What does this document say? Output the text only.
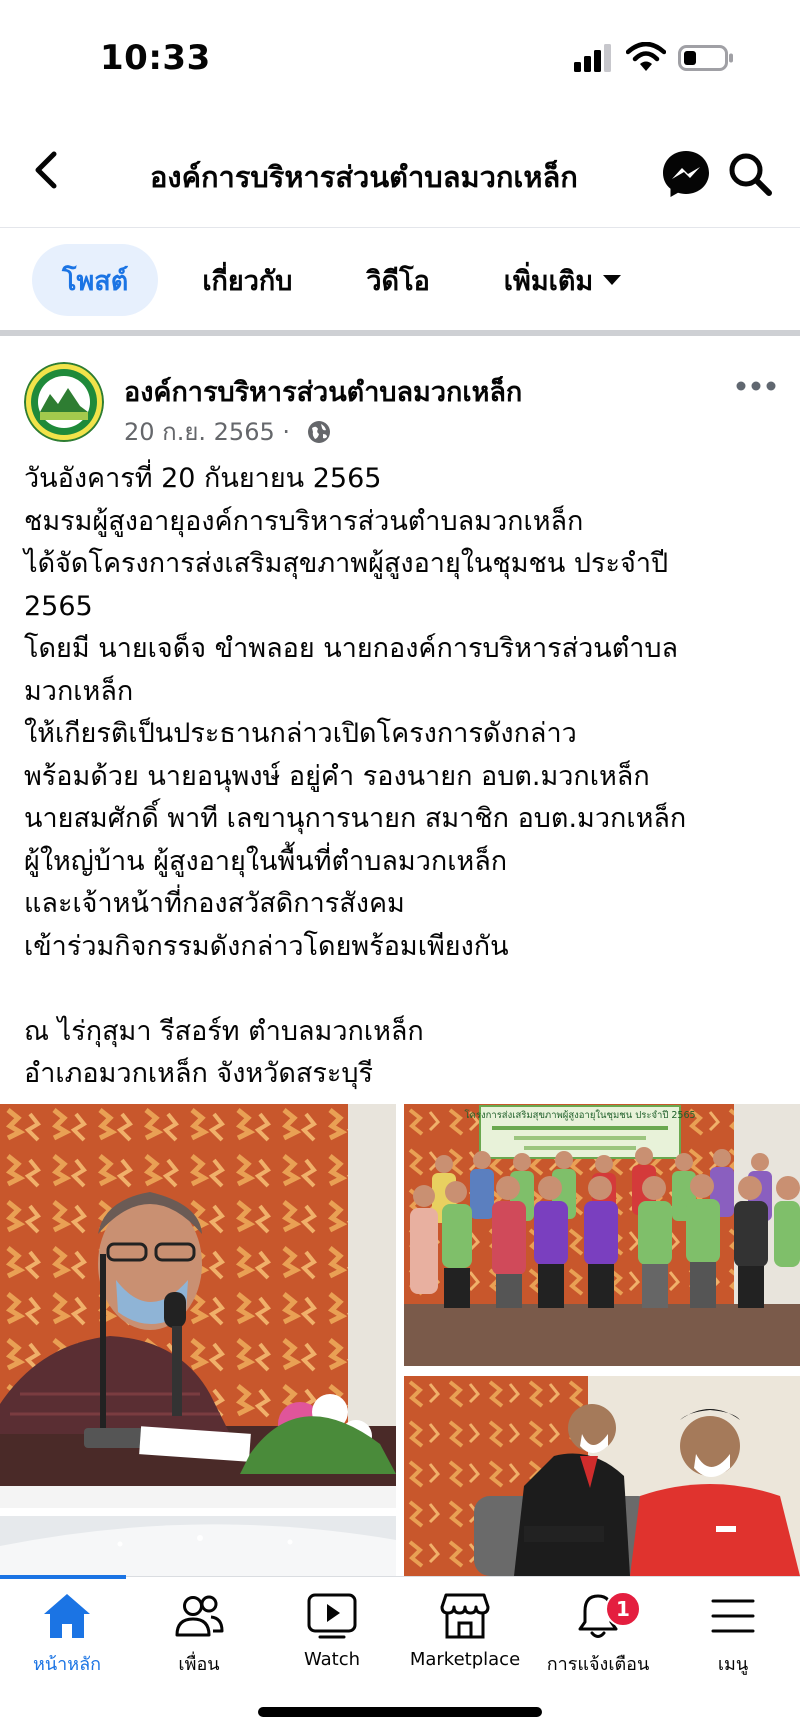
10:33
องค์การบริหารส่วนตำบลมวกเหล็ก
โพสต์	เกี่ยวกับ	วิดีโอ	เพิ่มเติม
องค์การบริหารส่วนตำบลมวกเหล็ก
20 ก.ย. 2565 ·

วันอังคารที่ 20 กันยายน 2565

ชมรมผู้สูงอายุองค์การบริหารส่วนตำบลมวกเหล็ก

ได้จัดโครงการส่งเสริมสุขภาพผู้สูงอายุในชุมชน ประจำปี

2565

โดยมี นายเจด็จ ขำพลอย นายกองค์การบริหารส่วนตำบล

มวกเหล็ก

ให้เกียรติเป็นประธานกล่าวเปิดโครงการดังกล่าว

พร้อมด้วย นายอนุพงษ์ อยู่คำ รองนายก อบต.มวกเหล็ก

นายสมศักดิ์ พาที เลขานุการนายก สมาชิก อบต.มวกเหล็ก

ผู้ใหญ่บ้าน ผู้สูงอายุในพื้นที่ตำบลมวกเหล็ก

และเจ้าหน้าที่กองสวัสดิการสังคม

เข้าร่วมกิจกรรมดังกล่าวโดยพร้อมเพียงกัน

ณ ไร่กุสุมา รีสอร์ท ตำบลมวกเหล็ก

อำเภอมวกเหล็ก จังหวัดสระบุรี

โครงการส่งเสริมสุขภาพผู้สูงอายุในชุมชน ประจำปี 2565
หน้าหลัก	เพื่อน	Watch	Marketplace
1
การแจ้งเตือน	เมนู
